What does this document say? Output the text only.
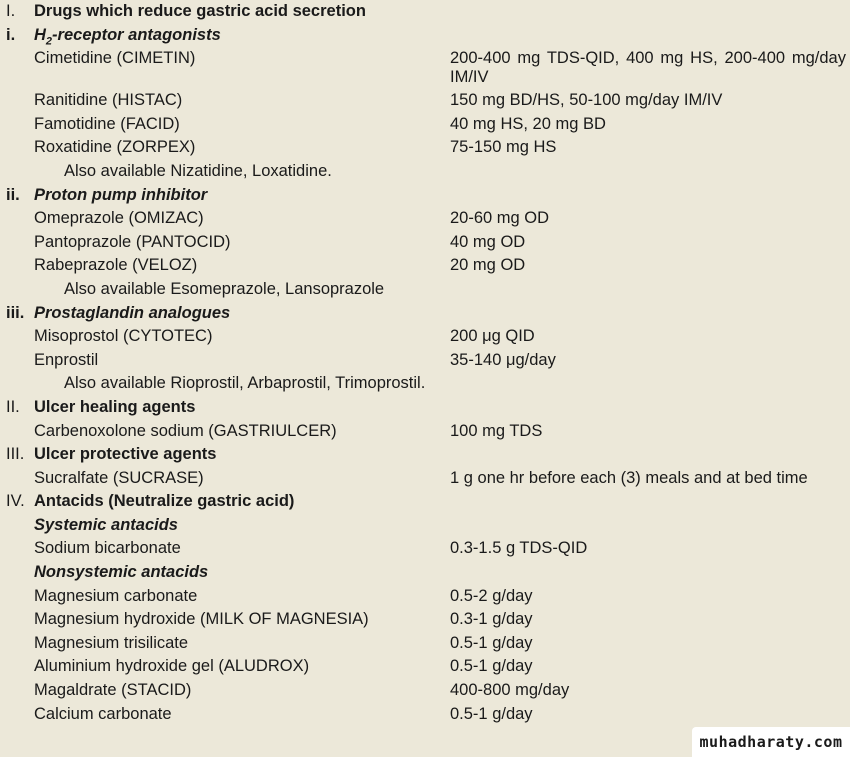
I. Drugs which reduce gastric acid secretion
i. $H_2$-receptor antagonists
Cimetidine (CIMETIN)	200-400 mg TDS-QID, 400 mg HS, 200-400 mg/day IM/IV
Ranitidine (HISTAC)	150 mg BD/HS, 50-100 mg/day IM/IV
Famotidine (FACID)	40 mg HS, 20 mg BD
Roxatidine (ZORPEX)	75-150 mg HS
Also available Nizatidine, Loxatidine.
ii. Proton pump inhibitor
Omeprazole (OMIZAC)	20-60 mg OD
Pantoprazole (PANTOCID)	40 mg OD
Rabeprazole (VELOZ)	20 mg OD
Also available Esomeprazole, Lansoprazole
iii. Prostaglandin analogues
Misoprostol (CYTOTEC)	200 μg QID
Enprostil	35-140 μg/day
Also available Rioprostil, Arbaprostil, Trimoprostil.
II. Ulcer healing agents
Carbenoxolone sodium (GASTRIULCER)	100 mg TDS
III. Ulcer protective agents
Sucralfate (SUCRASE)	1 g one hr before each (3) meals and at bed time
IV. Antacids (Neutralize gastric acid)
Systemic antacids
Sodium bicarbonate	0.3-1.5 g TDS-QID
Nonsystemic antacids
Magnesium carbonate	0.5-2 g/day
Magnesium hydroxide (MILK OF MAGNESIA)	0.3-1 g/day
Magnesium trisilicate	0.5-1 g/day
Aluminium hydroxide gel (ALUDROX)	0.5-1 g/day
Magaldrate (STACID)	400-800 mg/day
Calcium carbonate	0.5-1 g/day
muhadharaty.com
